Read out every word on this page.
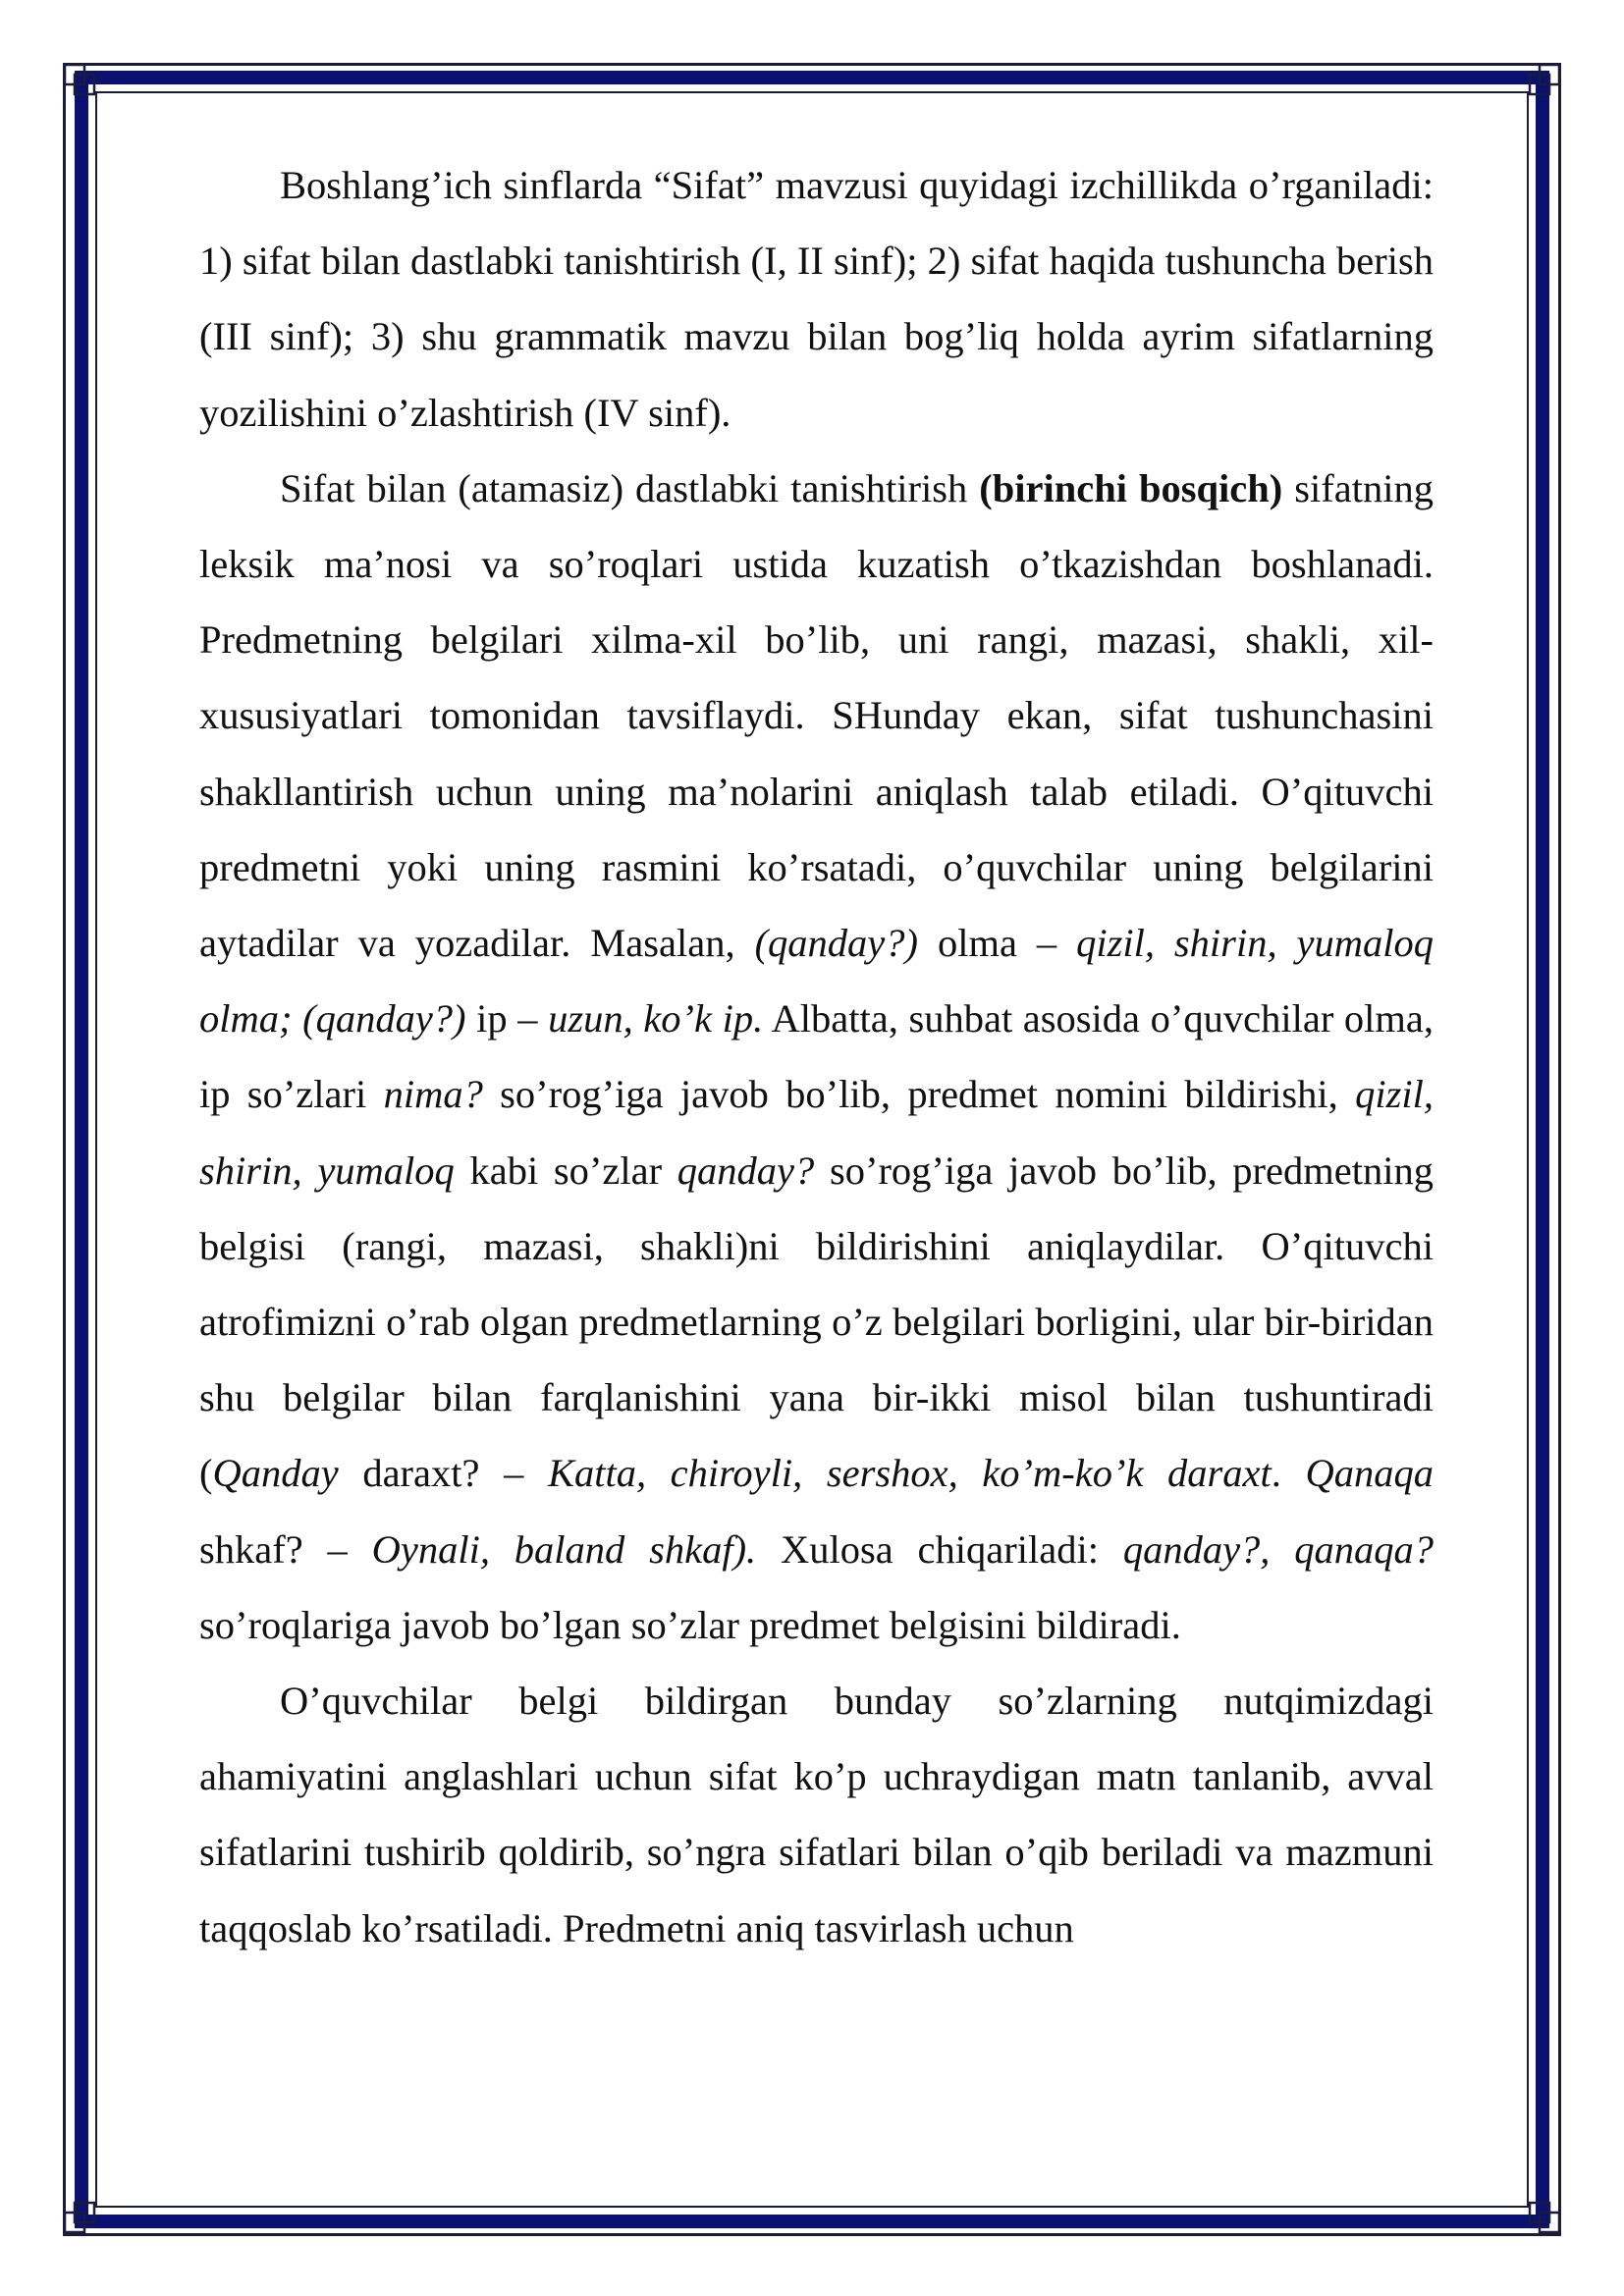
Boshlang’ich sinflarda “Sifat” mavzusi quyidagi izchillikda o’rganiladi: 1) sifat bilan dastlabki tanishtirish (I, II sinf); 2) sifat haqida tushuncha berish (III sinf); 3) shu grammatik mavzu bilan bog’liq holda ayrim sifatlarning yozilishini o’zlashtirish (IV sinf).

Sifat bilan (atamasiz) dastlabki tanishtirish (birinchi bosqich) sifatning leksik ma’nosi va so’roqlari ustida kuzatish o’tkazishdan boshlanadi. Predmetning belgilari xilma-xil bo’lib, uni rangi, mazasi, shakli, xil-xususiyatlari tomonidan tavsiflaydi. SHunday ekan, sifat tushunchasini shakllantirish uchun uning ma’nolarini aniqlash talab etiladi. O’qituvchi predmetni yoki uning rasmini ko’rsatadi, o’quvchilar uning belgilarini aytadilar va yozadilar. Masalan, (qanday?) olma – qizil, shirin, yumaloq olma; (qanday?) ip – uzun, ko’k ip. Albatta, suhbat asosida o’quvchilar olma, ip so’zlari nima? so’rog’iga javob bo’lib, predmet nomini bildirishi, qizil, shirin, yumaloq kabi so’zlar qanday? so’rog’iga javob bo’lib, predmetning belgisi (rangi, mazasi, shakli)ni bildirishini aniqlaydilar. O’qituvchi atrofimizni o’rab olgan predmetlarning o’z belgilari borligini, ular bir-biridan shu belgilar bilan farqlanishini yana bir-ikki misol bilan tushuntiradi (Qanday daraxt? – Katta, chiroyli, sershox, ko’m-ko’k daraxt. Qanaqa shkaf? – Oynali, baland shkaf). Xulosa chiqariladi: qanday?, qanaqa? so’roqlariga javob bo’lgan so’zlar predmet belgisini bildiradi.

O’quvchilar belgi bildirgan bunday so’zlarning nutqimizdagi ahamiyatini anglashlari uchun sifat ko’p uchraydigan matn tanlanib, avval sifatlarini tushirib qoldirib, so’ngra sifatlari bilan o’qib beriladi va mazmuni taqqoslab ko’rsatiladi. Predmetni aniq tasvirlash uchun
